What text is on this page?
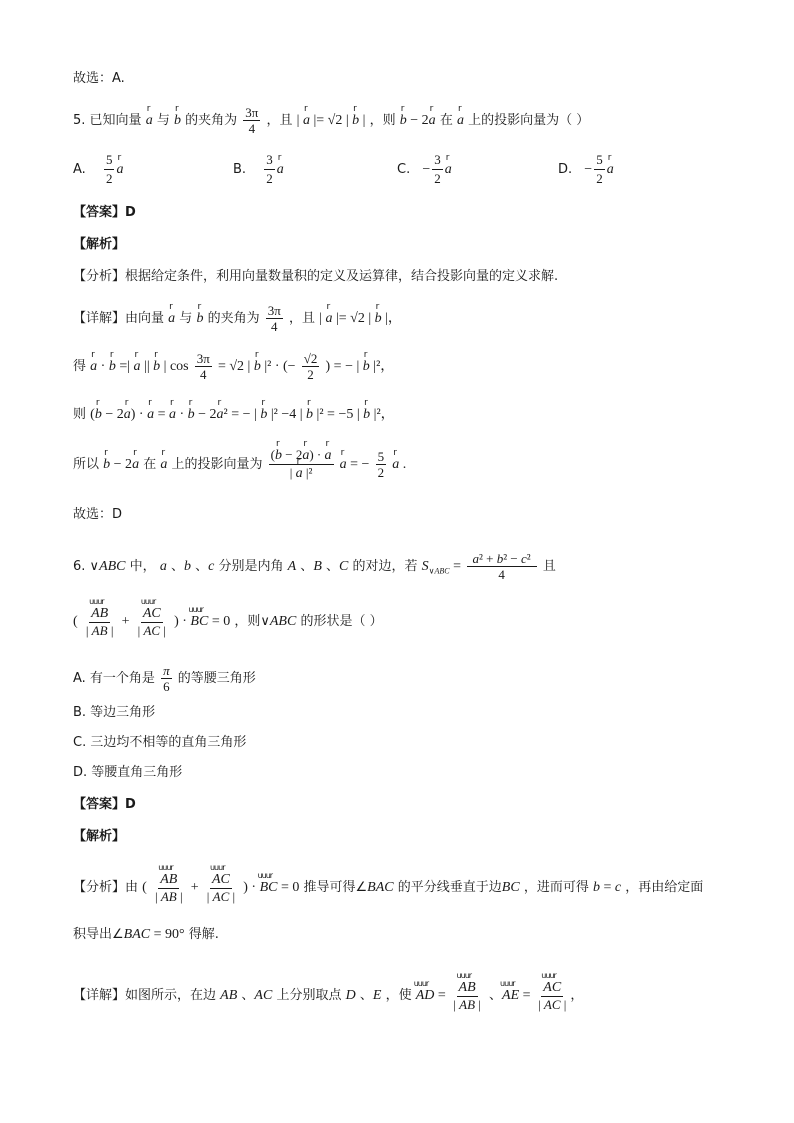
故选：A.
5. 已知向量 r a 与 r b 的夹角为 $\frac{3\pi}{4}$ ，且 | r a |= √2 | r b | ，则 r b − 2r a 在 r a 上的投影向量为（ ）
A. $\frac{5}{2}$ r a	B. $\frac{3}{2}$ r a	C. − $\frac{3}{2}$ r a	D. − $\frac{5}{2}$ r a
【答案】D
【解析】
【分析】根据给定条件，利用向量数量积的定义及运算律，结合投影向量的定义求解.
【详解】由向量 r a 与 r b 的夹角为 $\frac{3\pi}{4}$ ，且 | r a |= √2 | r b |，
得 r a · r b =| r a || r b | $\cos \frac{3\pi}{4} = √2$ | r b |² · (− $\frac{√2}{2}$ ) = − | r b |²，
则 (r b − 2r a) · r a = r a · r b − 2r a² = − | r b |² −4 | r b |² = −5 | r b |²，
所以 r b − 2r a 在 r a 上的投影向量为 $\frac{\text{(r b − 2r a) · r a}}{\text{| r a |²}}$ r a = − $\frac{5}{2}$ r a .
故选：D
6. ∨ABC 中， a 、b 、c 分别是内角 A 、B 、C 的对边，若 $S_{\vee ABC} = \frac{\text{a² + b² − c²}}{4}$ 且
( uuur $\frac{AB}{| AB |}$ + uuur $\frac{AC}{| AC |}$ ) · uuur BC = 0 ，则∨ABC 的形状是（ ）
A. 有一个角是 $\frac{\pi}{6}$ 的等腰三角形
B. 等边三角形
C. 三边均不相等的直角三角形
D. 等腰直角三角形
【答案】D
【解析】
【分析】由 ( uuur $\frac{AB}{| AB |}$ + uuur $\frac{AC}{| AC |}$ ) · uuur BC = 0 推导可得∠BAC 的平分线垂直于边BC ，进而可得 b = c ，再由给定面
积导出∠BAC = 90° 得解.
【详解】如图所示，在边 AB 、AC 上分别取点 D 、E ，使 uuur AD = uuur $\frac{AB}{| AB |}$ 、uuur AE = uuur $\frac{AC}{| AC |}$ ，
